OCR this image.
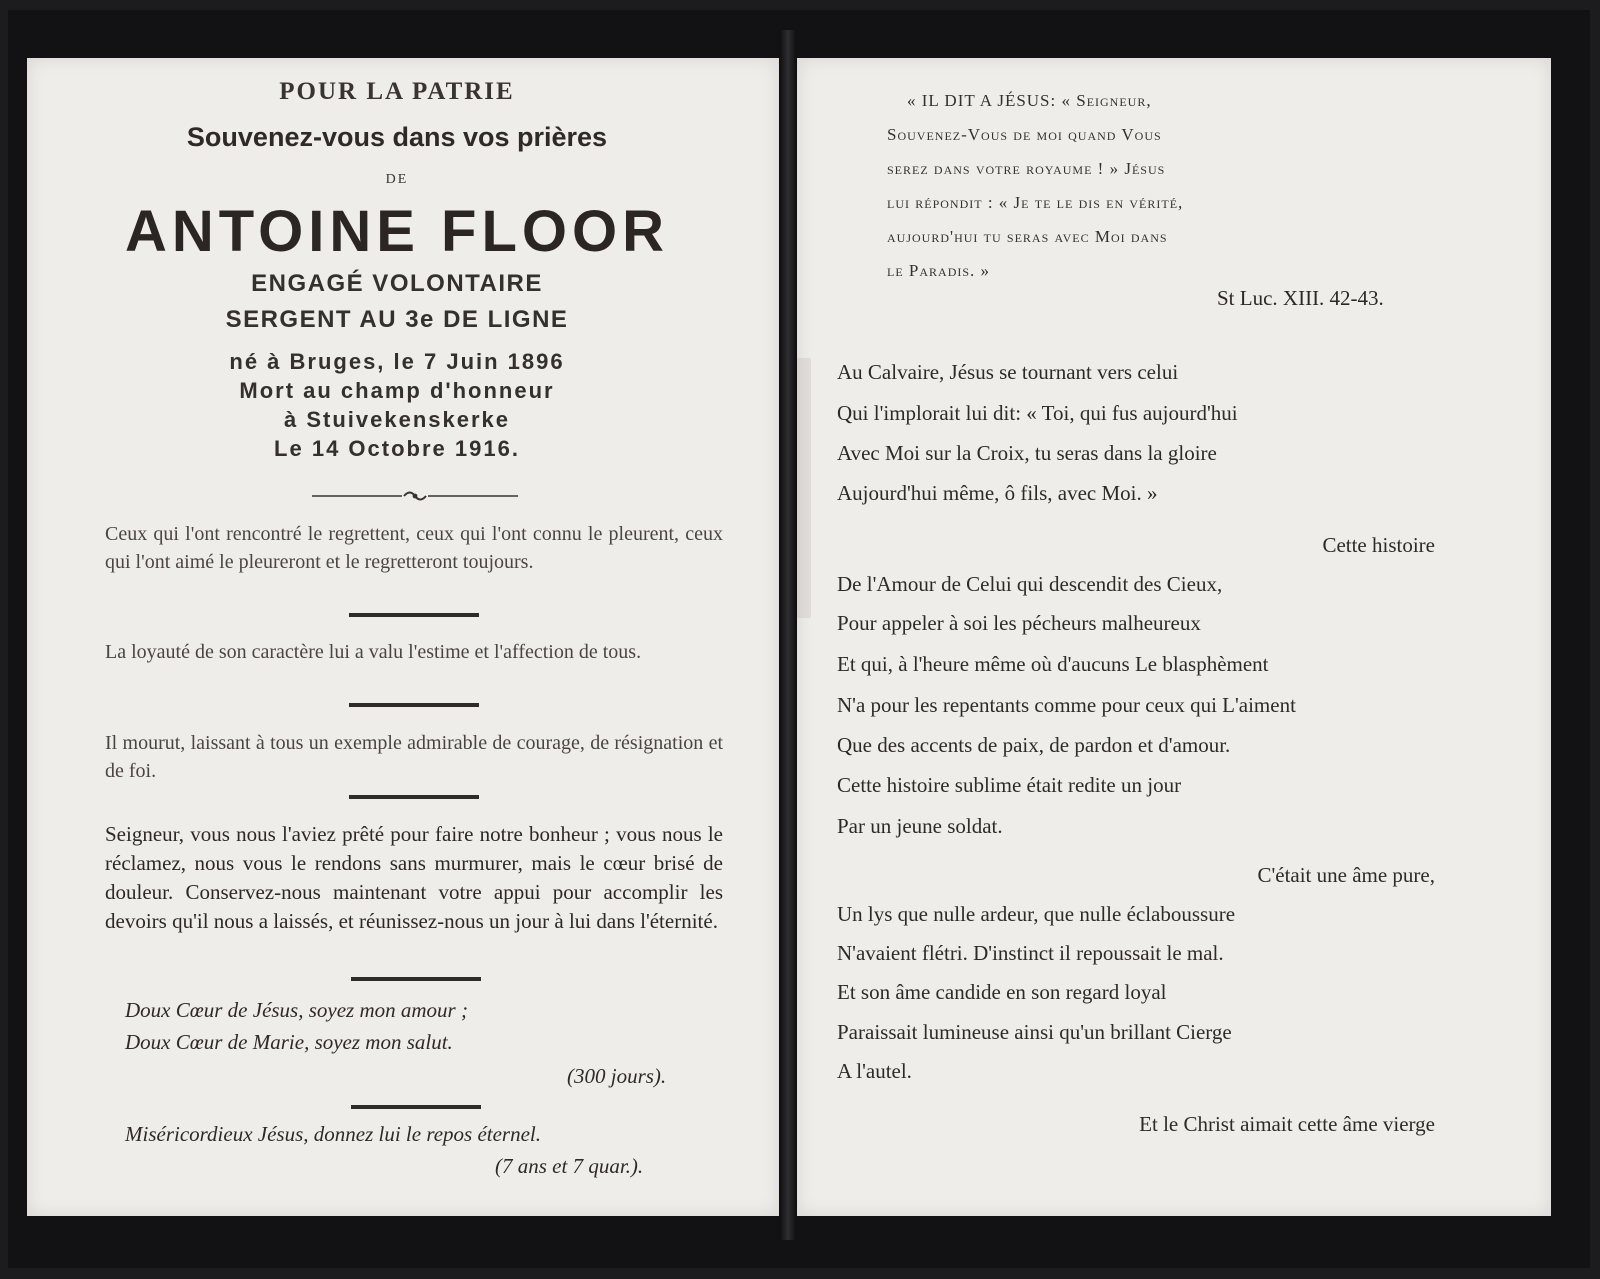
POUR LA PATRIE

Souvenez-vous dans vos prières

DE

ANTOINE FLOOR

ENGAGÉ VOLONTAIRE

SERGENT AU 3e DE LIGNE

né à Bruges, le 7 Juin 1896

Mort au champ d'honneur

à Stuivekenskerke

Le 14 Octobre 1916.

Ceux qui l'ont rencontré le regrettent, ceux qui l'ont connu le pleurent, ceux qui l'ont aimé le pleureront et le regretteront toujours.

La loyauté de son caractère lui a valu l'estime et l'affection de tous.

Il mourut, laissant à tous un exemple admirable de courage, de résignation et de foi.

Seigneur, vous nous l'aviez prêté pour faire notre bonheur ; vous nous le réclamez, nous vous le rendons sans murmurer, mais le cœur brisé de douleur. Conservez-nous maintenant votre appui pour accomplir les devoirs qu'il nous a laissés, et réunissez-nous un jour à lui dans l'éternité.

Doux Cœur de Jésus, soyez mon amour ;

Doux Cœur de Marie, soyez mon salut.

(300 jours).

Miséricordieux Jésus, donnez lui le repos éternel.

(7 ans et 7 quar.).

« IL DIT A JÉSUS: « Seigneur,

Souvenez-Vous de moi quand Vous

serez dans votre royaume ! » Jésus

lui répondit : « Je te le dis en vérité,

aujourd'hui tu seras avec Moi dans

le Paradis. »

St Luc. XIII. 42-43.

Au Calvaire, Jésus se tournant vers celui

Qui l'implorait lui dit: « Toi, qui fus aujourd'hui

Avec Moi sur la Croix, tu seras dans la gloire

Aujourd'hui même, ô fils, avec Moi. »

Cette histoire

De l'Amour de Celui qui descendit des Cieux,

Pour appeler à soi les pécheurs malheureux

Et qui, à l'heure même où d'aucuns Le blasphèment

N'a pour les repentants comme pour ceux qui L'aiment

Que des accents de paix, de pardon et d'amour.

Cette histoire sublime était redite un jour

Par un jeune soldat.

C'était une âme pure,

Un lys que nulle ardeur, que nulle éclaboussure

N'avaient flétri. D'instinct il repoussait le mal.

Et son âme candide en son regard loyal

Paraissait lumineuse ainsi qu'un brillant Cierge

A l'autel.

Et le Christ aimait cette âme vierge
